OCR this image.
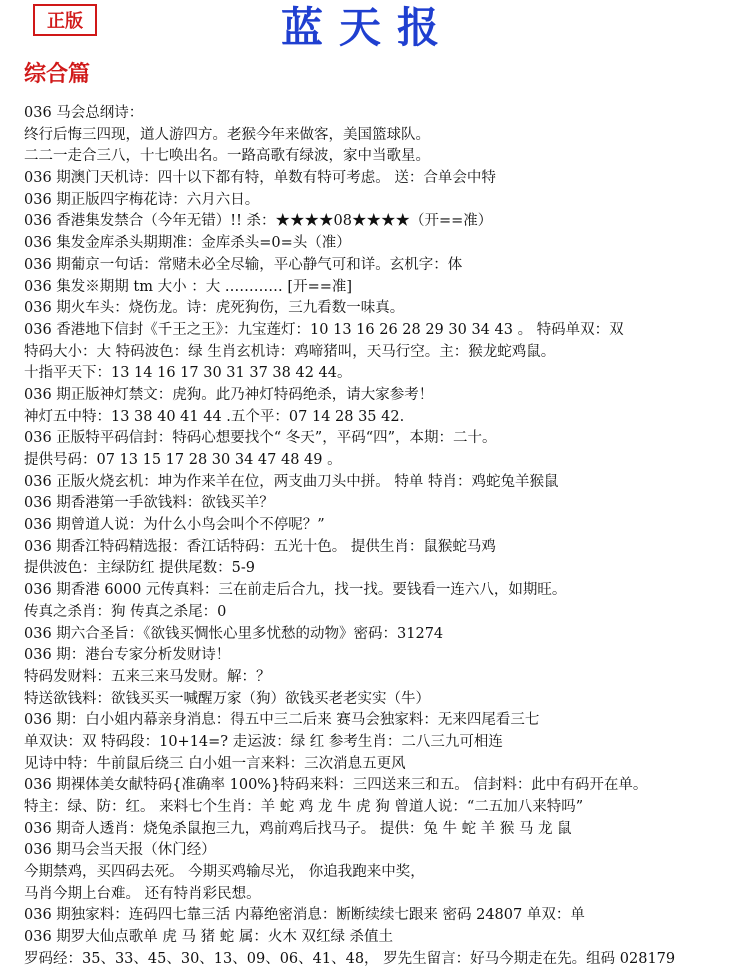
正版	蓝天报
综合篇
036 马会总纲诗：
终行后悔三四现，道人游四方。老猴今年来做客，美国篮球队。
二二一走合三八，十七唤出名。一路高歌有绿波，家中当歌星。
036 期澳门天机诗：四十以下都有特，单数有特可考虑。 送：合单会中特
036 期正版四字梅花诗：六月六日。
036 香港集发禁合（今年无错）!! 杀：★★★★08★★★★（开==准）
036 集发金库杀头期期准：金库杀头=0=头（准）
036 期葡京一句话：常赌未必全尽输，平心静气可和详。玄机字：体
036 集发※期期 tm 大小 ：大 ………… [开==准]
036 期火车头：烧伤龙。诗：虎死狗伤，三九看数一味真。
036 香港地下信封《千王之王》：九宝莲灯：10 13 16 26 28 29 30 34 43 。 特码单双：双
特码大小：大 特码波色：绿 生肖玄机诗：鸡啼猪叫，天马行空。主：猴龙蛇鸡鼠。
十指平天下：13 14 16 17 30 31 37 38 42 44。
036 期正版神灯禁文：虎狗。此乃神灯特码绝杀，请大家参考！
神灯五中特：13 38 40 41 44 .五个平：07 14 28 35 42.
036 正版特平码信封：特码心想要找个“ 冬天”，平码“四”，本期：二十。
提供号码：07 13 15 17 28 30 34 47 48 49 。
036 正版火烧玄机：坤为作来羊在位，两支曲刀头中拼。 特单 特肖：鸡蛇兔羊猴鼠
036 期香港第一手欲钱料：欲钱买羊？
036 期曾道人说：为什么小鸟会叫个不停呢？”
036 期香江特码精选报：香江话特码：五光十色。 提供生肖：鼠猴蛇马鸡
提供波色：主绿防红 提供尾数：5-9
036 期香港 6000 元传真料：三在前走后合九，找一找。要钱看一连六八，如期旺。
传真之杀肖：狗 传真之杀尾：0
036 期六合圣旨：《欲钱买惆怅心里多忧愁的动物》密码：31274
036 期：港台专家分析发财诗！
特码发财料：五来三来马发财。解：？
特送欲钱料：欲钱买买一喊醒万家（狗）欲钱买老老实实（牛）
036 期：白小姐内幕亲身消息：得五中三二后来 赛马会独家料：无来四尾看三七
单双诀：双 特码段：10+14=? 走运波：绿 红 参考生肖：二八三九可相连
见诗中特：牛前鼠后绕三 白小姐一言来料：三次消息五更风
036 期裸体美女献特码{准确率 100%}特码来料：三四送来三和五。 信封料：此中有码开在单。
特主：绿、防：红。 来料七个生肖：羊 蛇 鸡 龙 牛 虎 狗 曾道人说：“二五加八来特吗”
036 期奇人透肖：烧兔杀鼠抱三九，鸡前鸡后找马子。 提供：兔 牛 蛇 羊 猴 马 龙 鼠
036 期马会当天报（休门经）
今期禁鸡，买四码去死。 今期买鸡输尽光， 你追我跑来中奖，
马肖今期上台难。 还有特肖彩民想。
036 期独家料：连码四七靠三活 内幕绝密消息：断断续续七跟来 密码 24807 单双：单
036 期罗大仙点歌单 虎 马 猪 蛇 属：火木 双红绿 杀值土
罗码经：35、33、45、30、13、09、06、41、48， 罗先生留言：好马今期走在先。组码 028179
